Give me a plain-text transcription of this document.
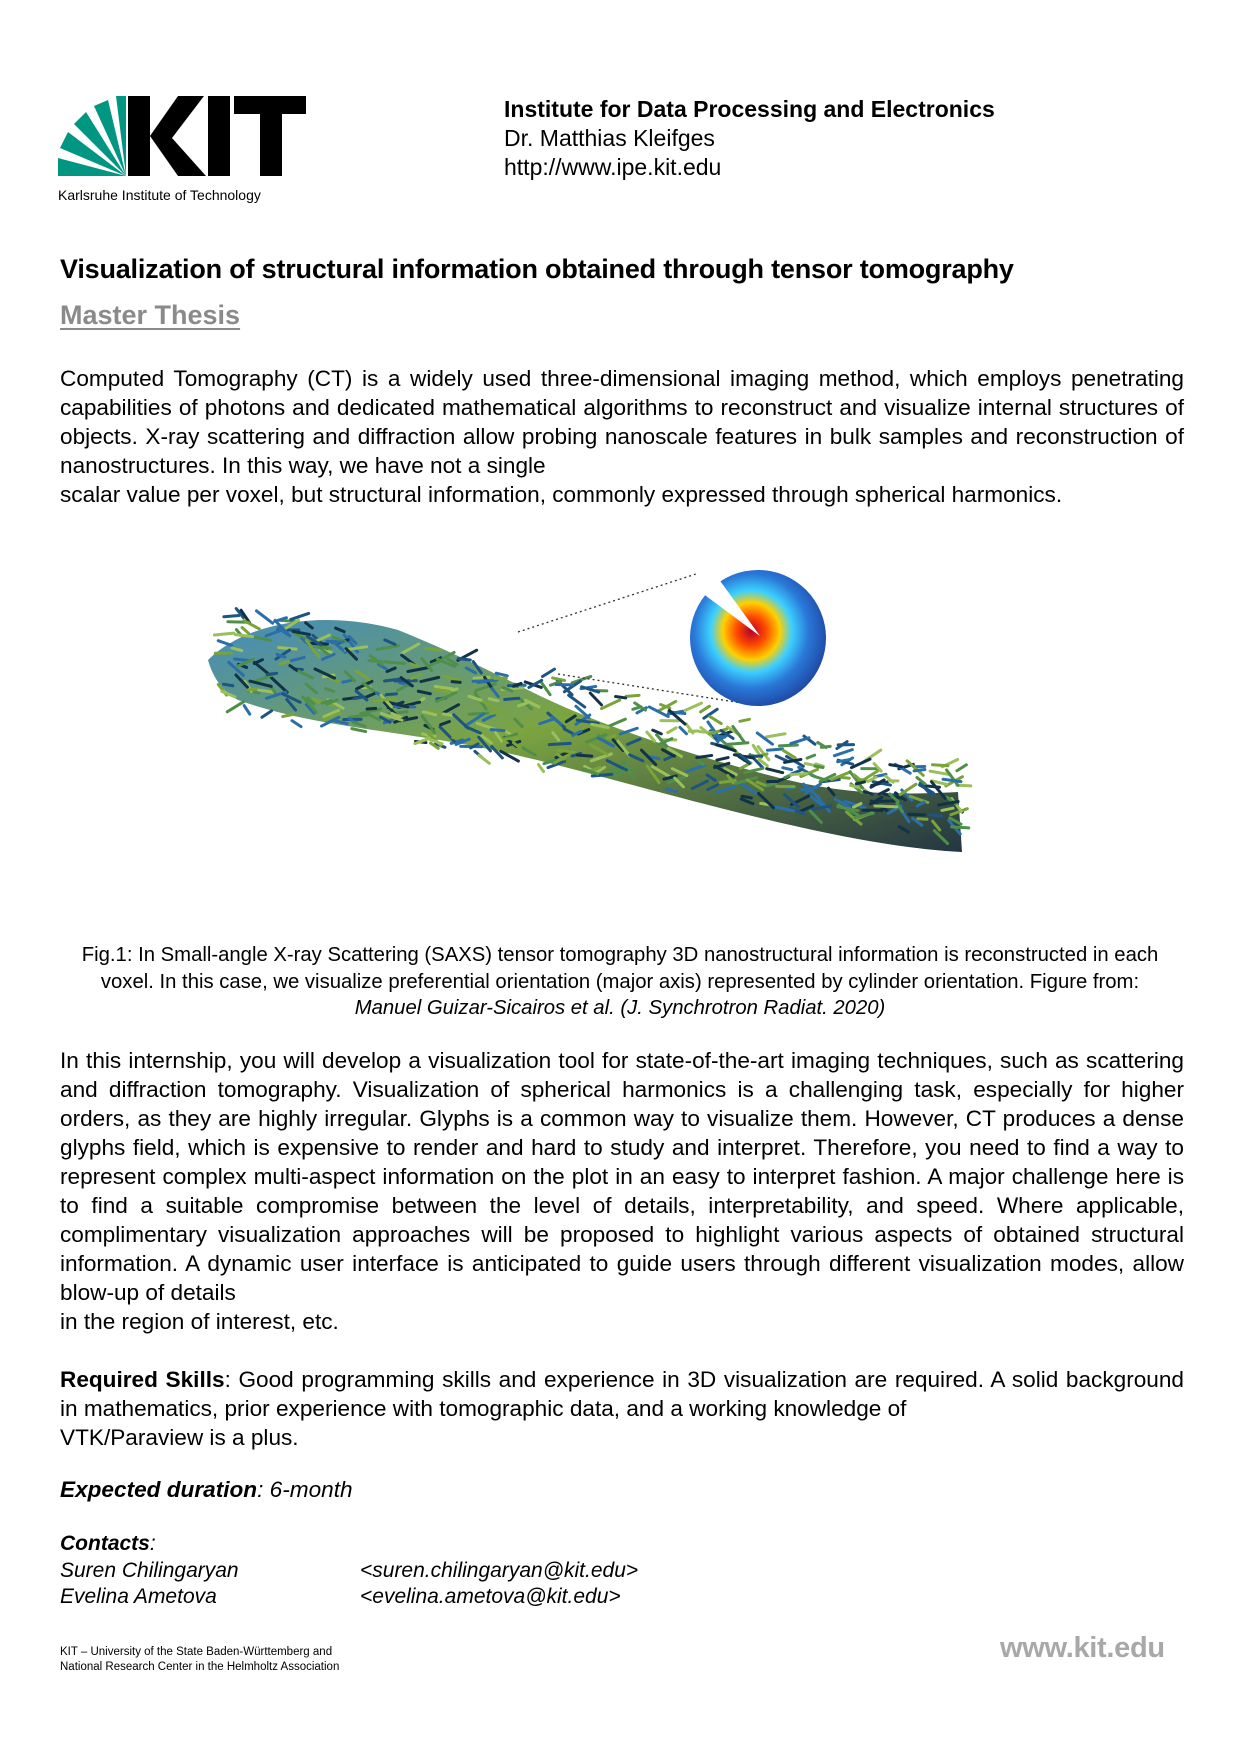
Karlsruhe Institute of Technology
Institute for Data Processing and Electronics
Dr. Matthias Kleifges
http://www.ipe.kit.edu
Visualization of structural information obtained through tensor tomography
Master Thesis
Computed Tomography (CT) is a widely used three-dimensional imaging method, which employs penetrating capabilities of photons and dedicated mathematical algorithms to reconstruct and visualize internal structures of objects. X-ray scattering and diffraction allow probing nanoscale features in bulk samples and reconstruction of nanostructures. In this way, we have not a single
scalar value per voxel, but structural information, commonly expressed through spherical harmonics.
Fig.1: In Small-angle X-ray Scattering (SAXS) tensor tomography 3D nanostructural information is reconstructed in each voxel. In this case, we visualize preferential orientation (major axis) represented by cylinder orientation. Figure from: Manuel Guizar-Sicairos et al. (J. Synchrotron Radiat. 2020)
In this internship, you will develop a visualization tool for state-of-the-art imaging techniques, such as scattering and diffraction tomography. Visualization of spherical harmonics is a challenging task, especially for higher orders, as they are highly irregular. Glyphs is a common way to visualize them. However, CT produces a dense glyphs field, which is expensive to render and hard to study and interpret. Therefore, you need to find a way to represent complex multi-aspect information on the plot in an easy to interpret fashion. A major challenge here is to find a suitable compromise between the level of details, interpretability, and speed. Where applicable, complimentary visualization approaches will be proposed to highlight various aspects of obtained structural information. A dynamic user interface is anticipated to guide users through different visualization modes, allow blow-up of details
in the region of interest, etc.
Required Skills: Good programming skills and experience in 3D visualization are required. A solid background in mathematics, prior experience with tomographic data, and a working knowledge of
VTK/Paraview is a plus.
Expected duration: 6-month
Contacts:
Suren Chilingaryan	<suren.chilingaryan@kit.edu>
Evelina Ametova	<evelina.ametova@kit.edu>
KIT – University of the State Baden-Württemberg and
National Research Center in the Helmholtz Association
www.kit.edu
